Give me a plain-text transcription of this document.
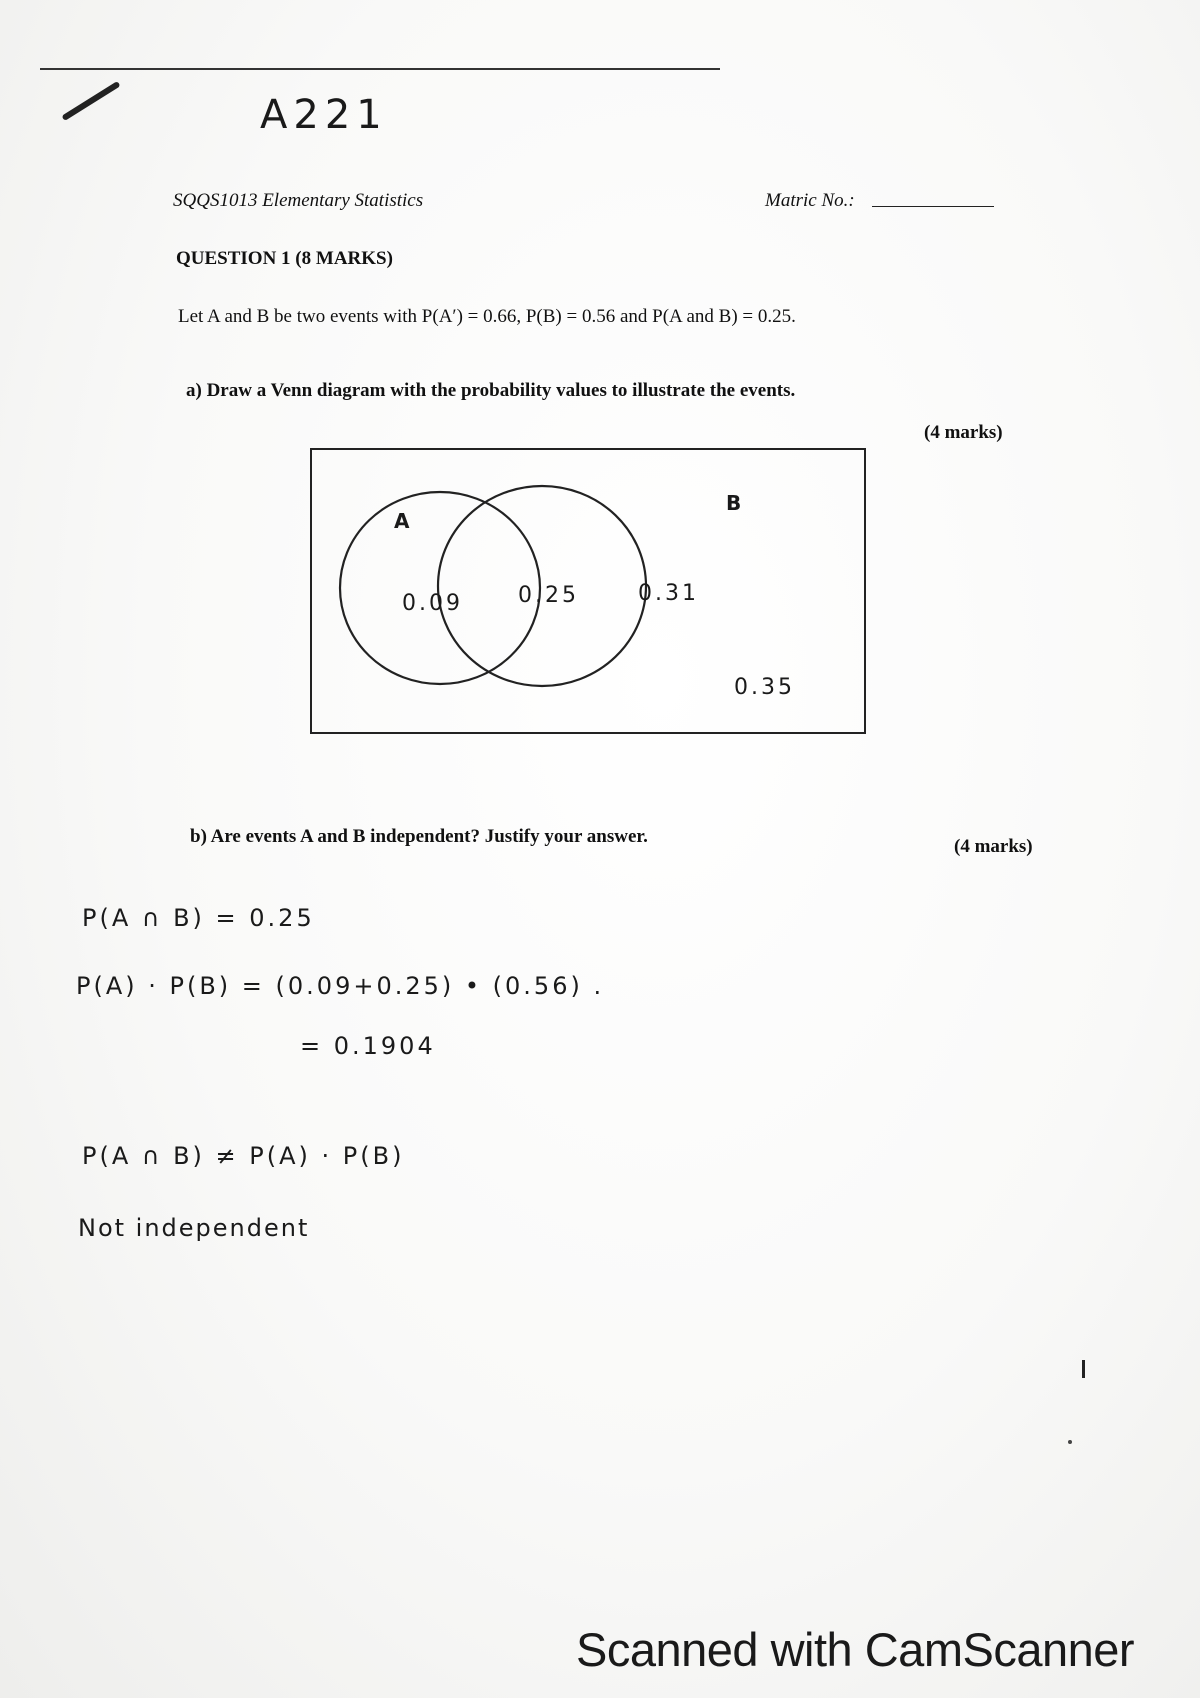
A221
SQQS1013 Elementary Statistics	Matric No.:
QUESTION 1 (8 MARKS)
Let A and B be two events with P(A′) = 0.66, P(B) = 0.56 and P(A and B) = 0.25.
a) Draw a Venn diagram with the probability values to illustrate the events.
(4 marks)
A
B
0.09	0.25	0.31
0.35
b) Are events A and B independent? Justify your answer.	(4 marks)
P(A ∩ B) = 0.25
P(A) · P(B) = (0.09+0.25) • (0.56) .
= 0.1904
P(A ∩ B) ≠ P(A) · P(B)
Not independent
Scanned with CamScanner
